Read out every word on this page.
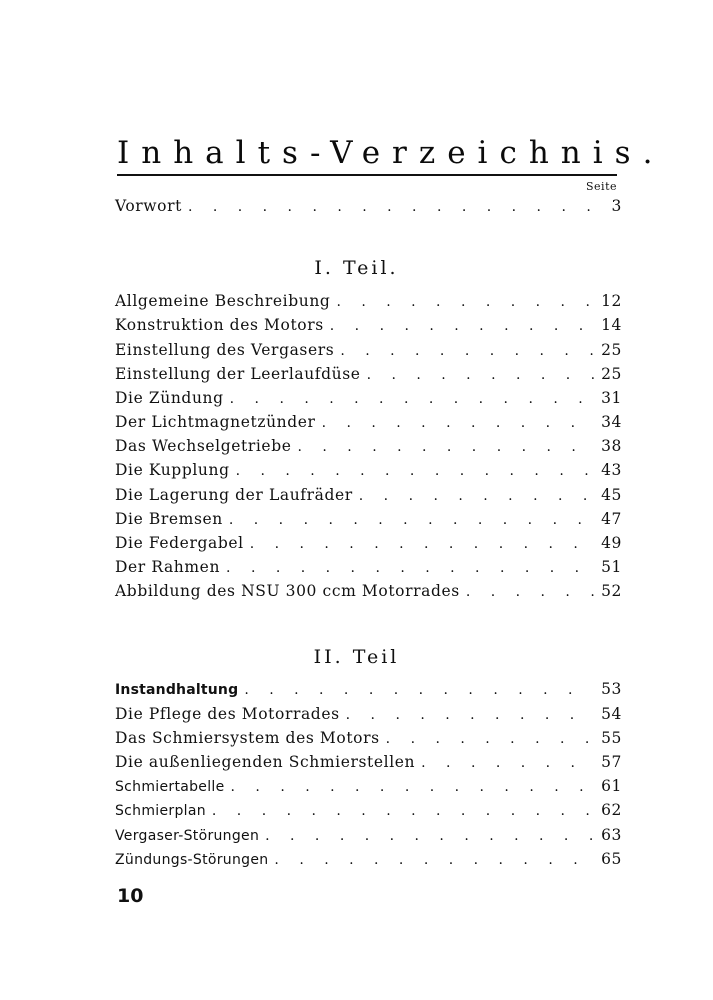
Inhalts-Verzeichnis.
Seite
Vorwort . . .	3
I. Teil.
Allgemeine Beschreibung . . .	12
Konstruktion des Motors . . .	14
Einstellung des Vergasers . . .	25
Einstellung der Leerlaufdüse . . .	25
Die Zündung . . .	31
Der Lichtmagnetzünder . . .	34
Das Wechselgetriebe . . .	38
Die Kupplung . . .	43
Die Lagerung der Laufräder . . .	45
Die Bremsen . . .	47
Die Federgabel . . .	49
Der Rahmen . . .	51
Abbildung des NSU 300 ccm Motorrades . . .	52
II. Teil
Instandhaltung . . .	53
Die Pflege des Motorrades . . .	54
Das Schmiersystem des Motors . . .	55
Die außenliegenden Schmierstellen . . .	57
Schmiertabelle . . .	61
Schmierplan . . .	62
Vergaser-Störungen . . .	63
Zündungs-Störungen . . .	65
10
